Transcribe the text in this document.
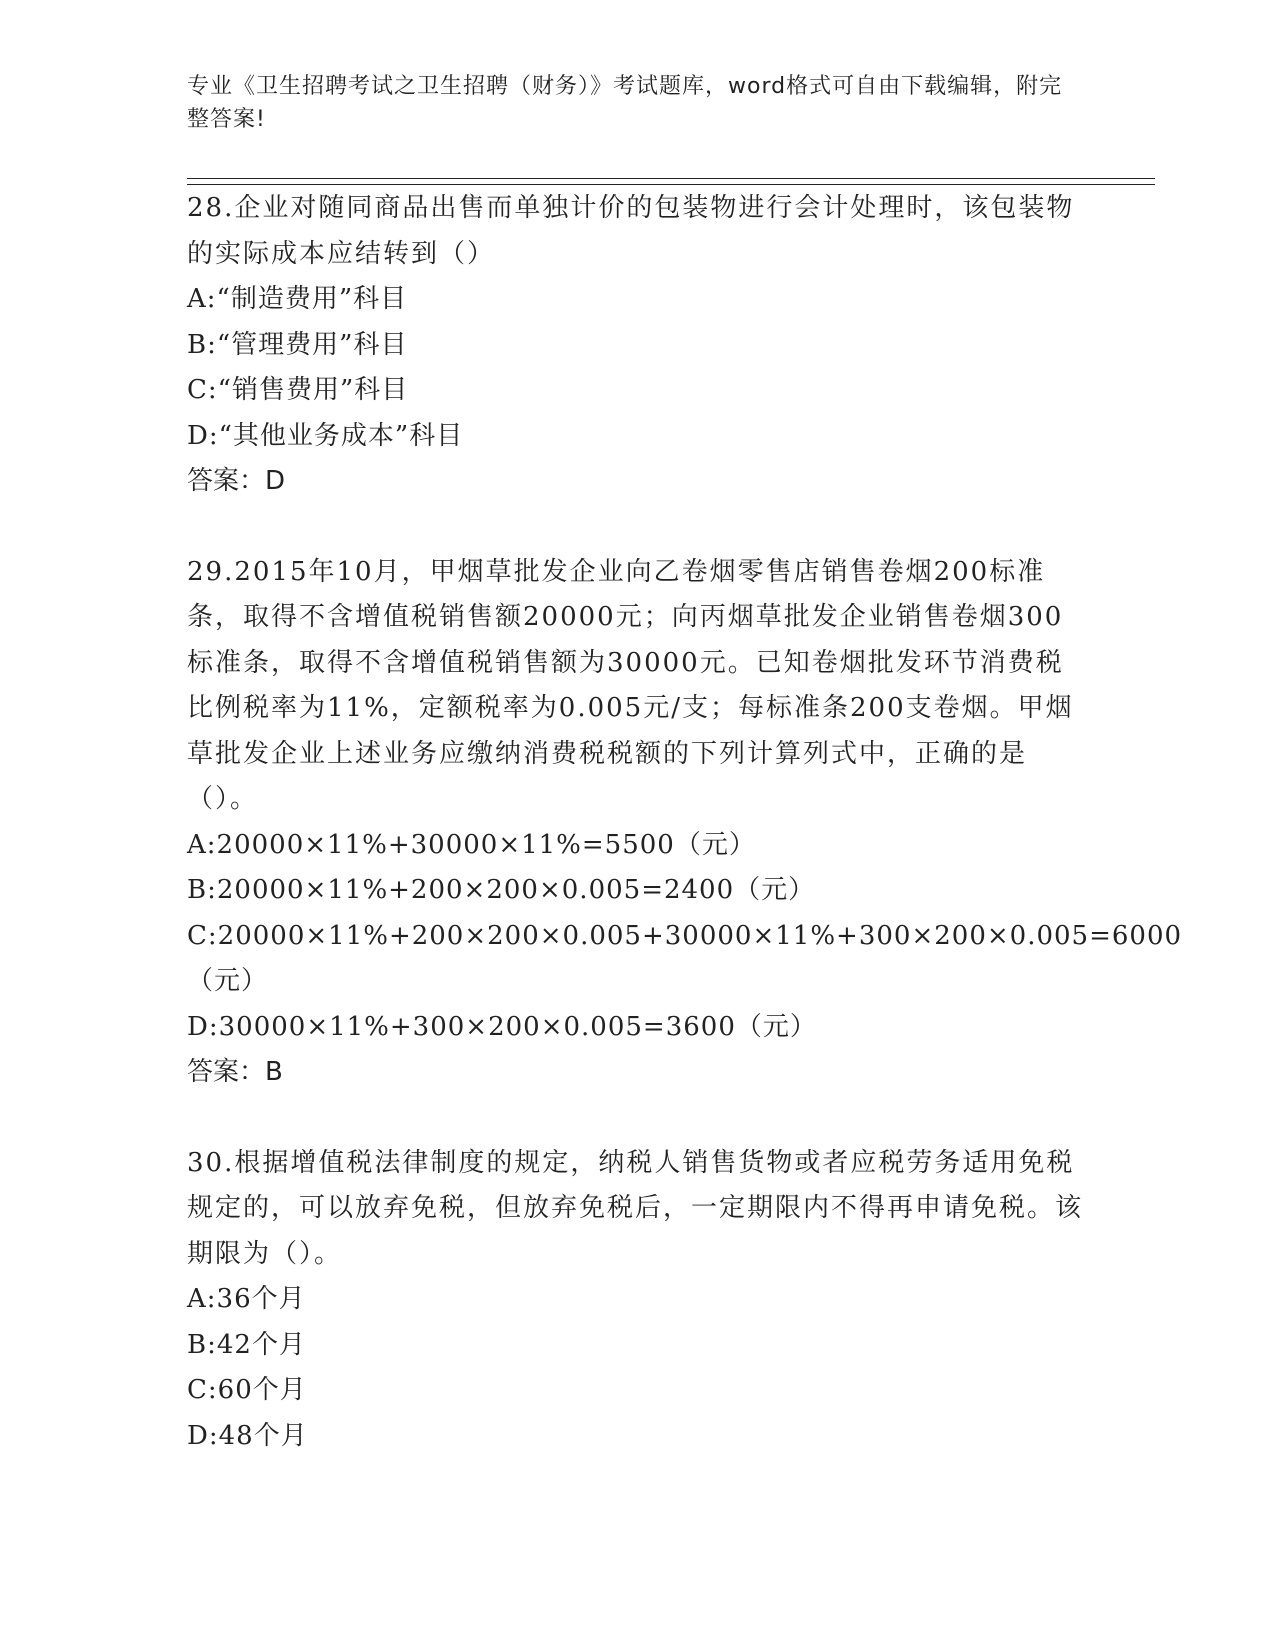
专业《卫生招聘考试之卫生招聘（财务）》考试题库，word格式可自由下载编辑，附完整答案!

28.企业对随同商品出售而单独计价的包装物进行会计处理时，该包装物的实际成本应结转到（）

A:“制造费用”科目

B:“管理费用”科目

C:“销售费用”科目

D:“其他业务成本”科目

答案：D

29.2015年10月，甲烟草批发企业向乙卷烟零售店销售卷烟200标准条，取得不含增值税销售额20000元；向丙烟草批发企业销售卷烟300标准条，取得不含增值税销售额为30000元。已知卷烟批发环节消费税比例税率为11%，定额税率为0.005元/支；每标准条200支卷烟。甲烟草批发企业上述业务应缴纳消费税税额的下列计算列式中，正确的是（）。

A:20000×11%+30000×11%=5500（元）

B:20000×11%+200×200×0.005=2400（元）

C:20000×11%+200×200×0.005+30000×11%+300×200×0.005=6000（元）

D:30000×11%+300×200×0.005=3600（元）

答案：B

30.根据增值税法律制度的规定，纳税人销售货物或者应税劳务适用免税规定的，可以放弃免税，但放弃免税后，一定期限内不得再申请免税。该期限为（）。

A:36个月

B:42个月

C:60个月

D:48个月
